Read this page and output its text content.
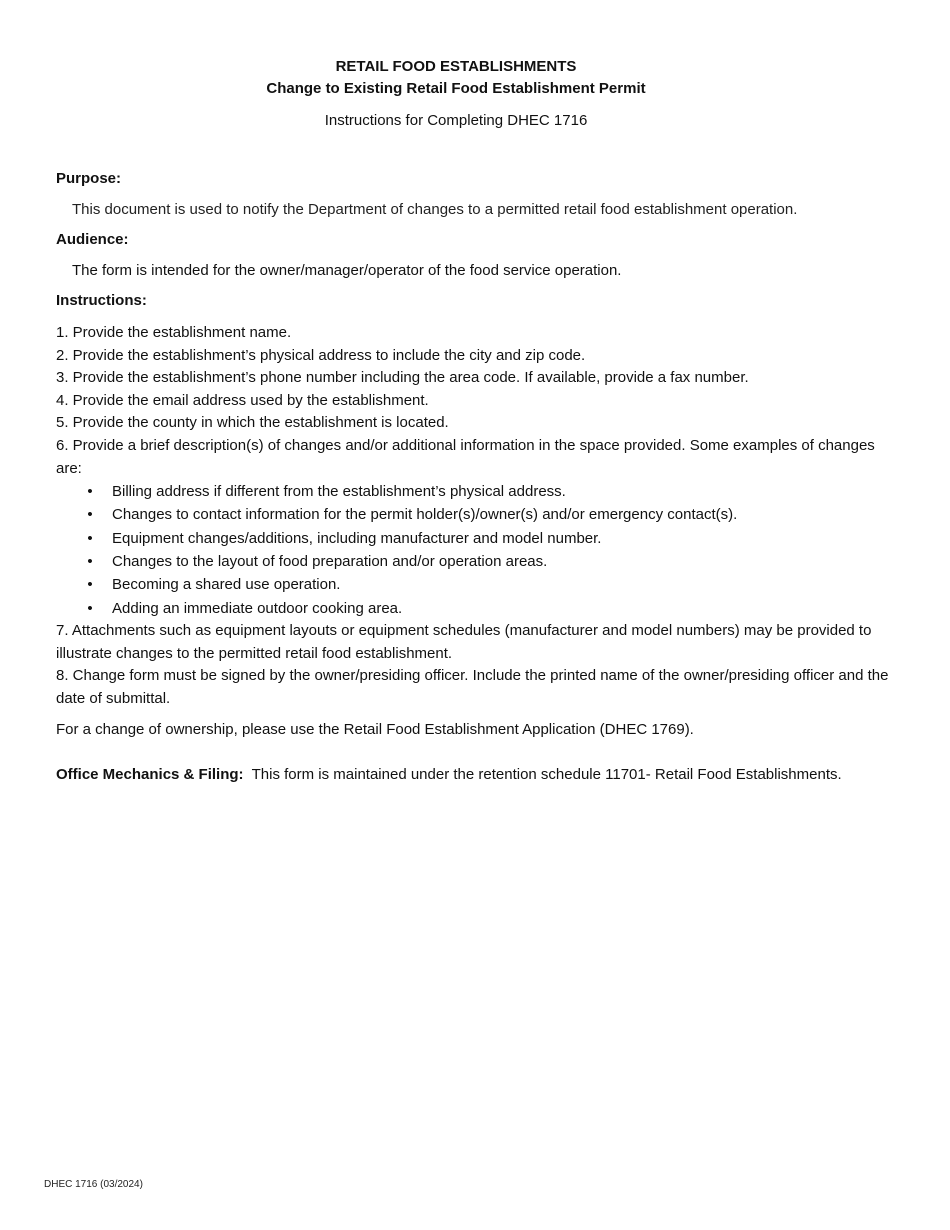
RETAIL FOOD ESTABLISHMENTS
Change to Existing Retail Food Establishment Permit
Instructions for Completing DHEC 1716
Purpose:
This document is used to notify the Department of changes to a permitted retail food establishment operation.
Audience:
The form is intended for the owner/manager/operator of the food service operation.
Instructions:
1. Provide the establishment name.
2. Provide the establishment’s physical address to include the city and zip code.
3. Provide the establishment’s phone number including the area code. If available, provide a fax number.
4. Provide the email address used by the establishment.
5. Provide the county in which the establishment is located.
6. Provide a brief description(s) of changes and/or additional information in the space provided. Some examples of changes are:
• Billing address if different from the establishment’s physical address.
• Changes to contact information for the permit holder(s)/owner(s) and/or emergency contact(s).
• Equipment changes/additions, including manufacturer and model number.
• Changes to the layout of food preparation and/or operation areas.
• Becoming a shared use operation.
• Adding an immediate outdoor cooking area.
7. Attachments such as equipment layouts or equipment schedules (manufacturer and model numbers) may be provided to illustrate changes to the permitted retail food establishment.
8. Change form must be signed by the owner/presiding officer. Include the printed name of the owner/presiding officer and the date of submittal.
For a change of ownership, please use the Retail Food Establishment Application (DHEC 1769).
Office Mechanics & Filing: This form is maintained under the retention schedule 11701- Retail Food Establishments.
DHEC 1716 (03/2024)
